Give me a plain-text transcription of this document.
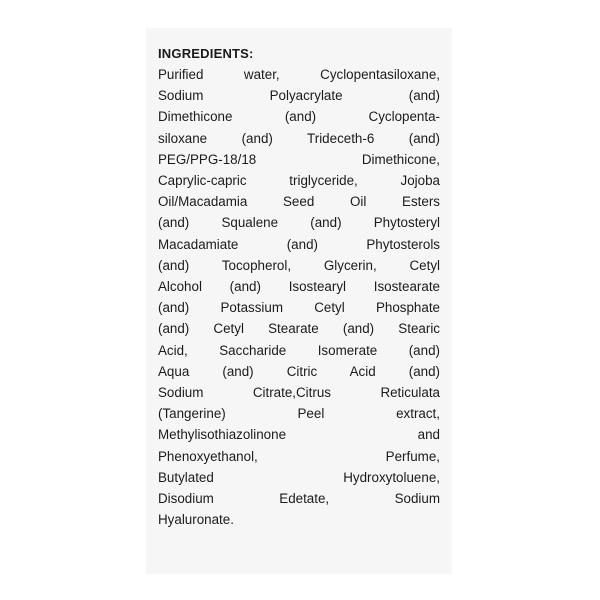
INGREDIENTS:

Purified water, Cyclopentasiloxane,
Sodium Polyacrylate (and)
Dimethicone (and) Cyclopenta-
siloxane (and) Trideceth-6 (and)
PEG/PPG-18/18 Dimethicone,
Caprylic-capric triglyceride, Jojoba
Oil/Macadamia Seed Oil Esters
(and) Squalene (and) Phytosteryl
Macadamiate (and) Phytosterols
(and) Tocopherol, Glycerin, Cetyl
Alcohol (and) Isostearyl Isostearate
(and) Potassium Cetyl Phosphate
(and) Cetyl Stearate (and) Stearic
Acid, Saccharide Isomerate (and)
Aqua (and) Citric Acid (and)
Sodium Citrate,Citrus Reticulata
(Tangerine) Peel extract,
Methylisothiazolinone and
Phenoxyethanol, Perfume,
Butylated Hydroxytoluene,
Disodium Edetate, Sodium
Hyaluronate.
